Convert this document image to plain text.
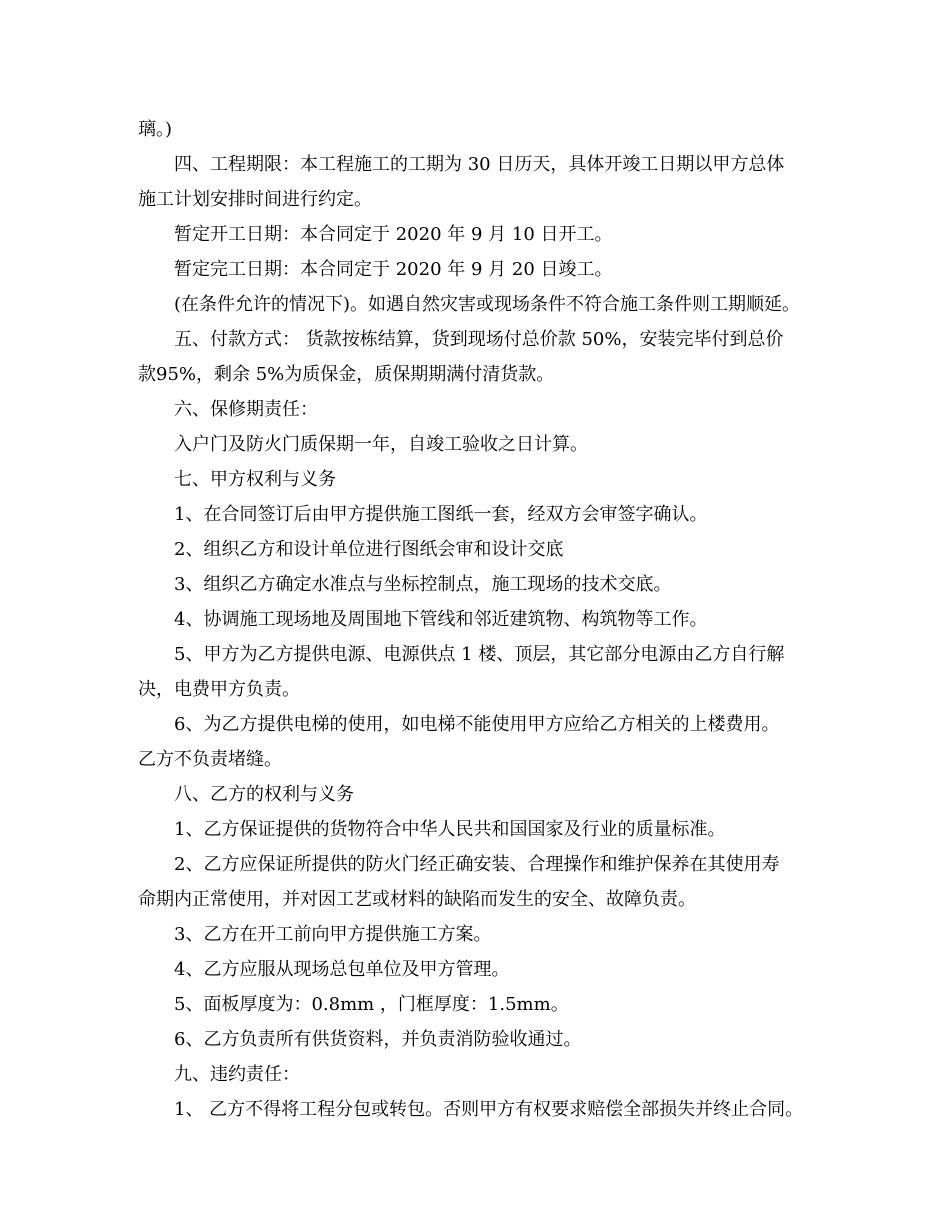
璃。)
四、工程期限：本工程施工的工期为 30 日历天，具体开竣工日期以甲方总体
施工计划安排时间进行约定。
暂定开工日期：本合同定于 2020 年 9 月 10 日开工。
暂定完工日期：本合同定于 2020 年 9 月 20 日竣工。
(在条件允许的情况下)。如遇自然灾害或现场条件不符合施工条件则工期顺延。
五、付款方式： 货款按栋结算，货到现场付总价款 50%，安装完毕付到总价
款95%，剩余 5%为质保金，质保期期满付清货款。
六、保修期责任：
入户门及防火门质保期一年，自竣工验收之日计算。
七、甲方权利与义务
1、在合同签订后由甲方提供施工图纸一套，经双方会审签字确认。
2、组织乙方和设计单位进行图纸会审和设计交底
3、组织乙方确定水准点与坐标控制点，施工现场的技术交底。
4、协调施工现场地及周围地下管线和邻近建筑物、构筑物等工作。
5、甲方为乙方提供电源、电源供点 1 楼、顶层，其它部分电源由乙方自行解
决，电费甲方负责。
6、为乙方提供电梯的使用，如电梯不能使用甲方应给乙方相关的上楼费用。
乙方不负责堵缝。
八、乙方的权利与义务
1、乙方保证提供的货物符合中华人民共和国国家及行业的质量标准。
2、乙方应保证所提供的防火门经正确安装、合理操作和维护保养在其使用寿
命期内正常使用，并对因工艺或材料的缺陷而发生的安全、故障负责。
3、乙方在开工前向甲方提供施工方案。
4、乙方应服从现场总包单位及甲方管理。
5、面板厚度为：0.8mm ，门框厚度：1.5mm。
6、乙方负责所有供货资料，并负责消防验收通过。
九、违约责任：
1、 乙方不得将工程分包或转包。否则甲方有权要求赔偿全部损失并终止合同。
